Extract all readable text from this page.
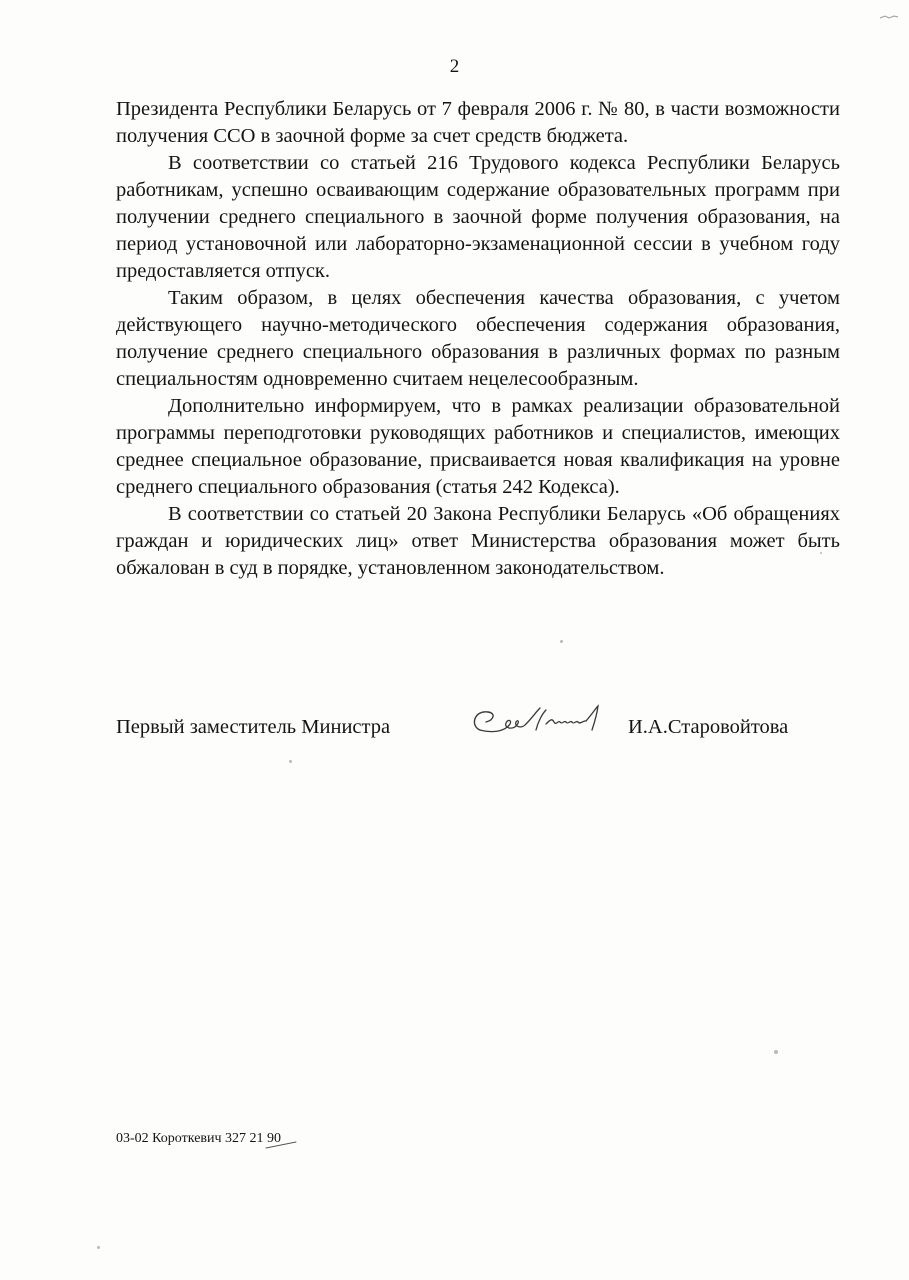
2

Президента Республики Беларусь от 7 февраля 2006 г. № 80, в части возможности получения ССО в заочной форме за счет средств бюджета.

В соответствии со статьей 216 Трудового кодекса Республики Беларусь работникам, успешно осваивающим содержание образовательных программ при получении среднего специального в заочной форме получения образования, на период установочной или лабораторно-экзаменационной сессии в учебном году предоставляется отпуск.

Таким образом, в целях обеспечения качества образования, с учетом действующего научно-методического обеспечения содержания образования, получение среднего специального образования в различных формах по разным специальностям одновременно считаем нецелесообразным.

Дополнительно информируем, что в рамках реализации образовательной программы переподготовки руководящих работников и специалистов, имеющих среднее специальное образование, присваивается новая квалификация на уровне среднего специального образования (статья 242 Кодекса).

В соответствии со статьей 20 Закона Республики Беларусь «Об обращениях граждан и юридических лиц» ответ Министерства образования может быть обжалован в суд в порядке, установленном законодательством.

Первый заместитель Министра	И.А.Старовойтова
03-02 Короткевич 327 21 90
